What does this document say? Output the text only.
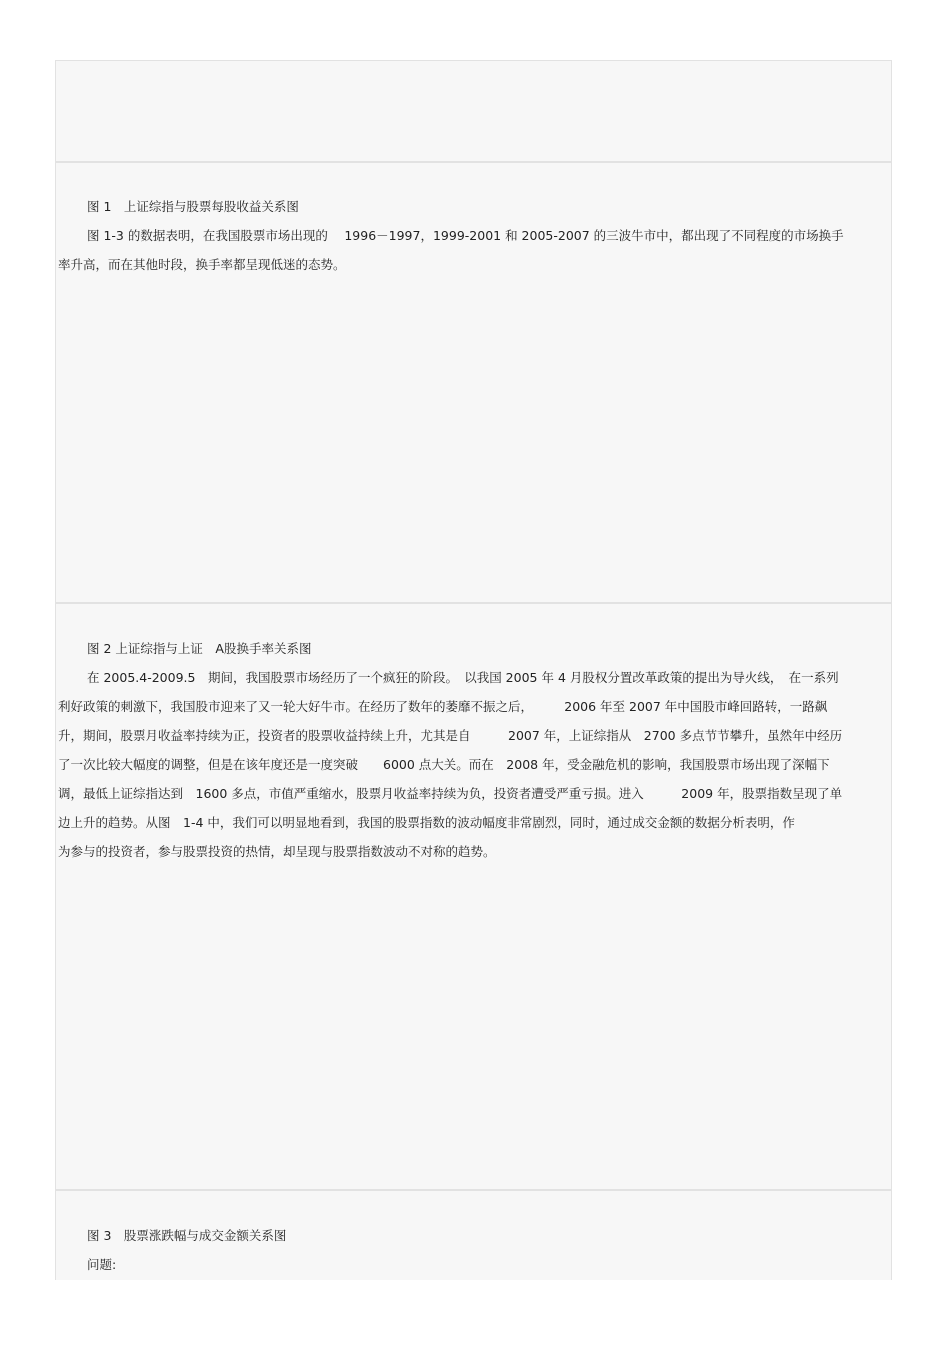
图 1　上证综指与股票每股收益关系图
图 1-3 的数据表明，在我国股票市场出现的　 1996－1997，1999-2001 和 2005-2007 的三波牛市中，都出现了不同程度的市场换手
率升高，而在其他时段，换手率都呈现低迷的态势。
图 2 上证综指与上证　A股换手率关系图
在 2005.4-2009.5　期间，我国股票市场经历了一个疯狂的阶段。　以我国 2005 年 4 月股权分置改革政策的提出为导火线，　在一系列
利好政策的刺激下，我国股市迎来了又一轮大好牛市。在经历了数年的萎靡不振之后，　　　2006 年至 2007 年中国股市峰回路转，一路飙
升，期间，股票月收益率持续为正，投资者的股票收益持续上升，尤其是自　　　2007 年，上证综指从　2700 多点节节攀升，虽然年中经历
了一次比较大幅度的调整，但是在该年度还是一度突破　　6000 点大关。而在　2008 年，受金融危机的影响，我国股票市场出现了深幅下
调，最低上证综指达到　1600 多点，市值严重缩水，股票月收益率持续为负，投资者遭受严重亏损。进入　　　2009 年，股票指数呈现了单
边上升的趋势。从图　1-4 中，我们可以明显地看到，我国的股票指数的波动幅度非常剧烈，同时，通过成交金额的数据分析表明，作
为参与的投资者，参与股票投资的热情，却呈现与股票指数波动不对称的趋势。
图 3　股票涨跌幅与成交金额关系图
问题:
